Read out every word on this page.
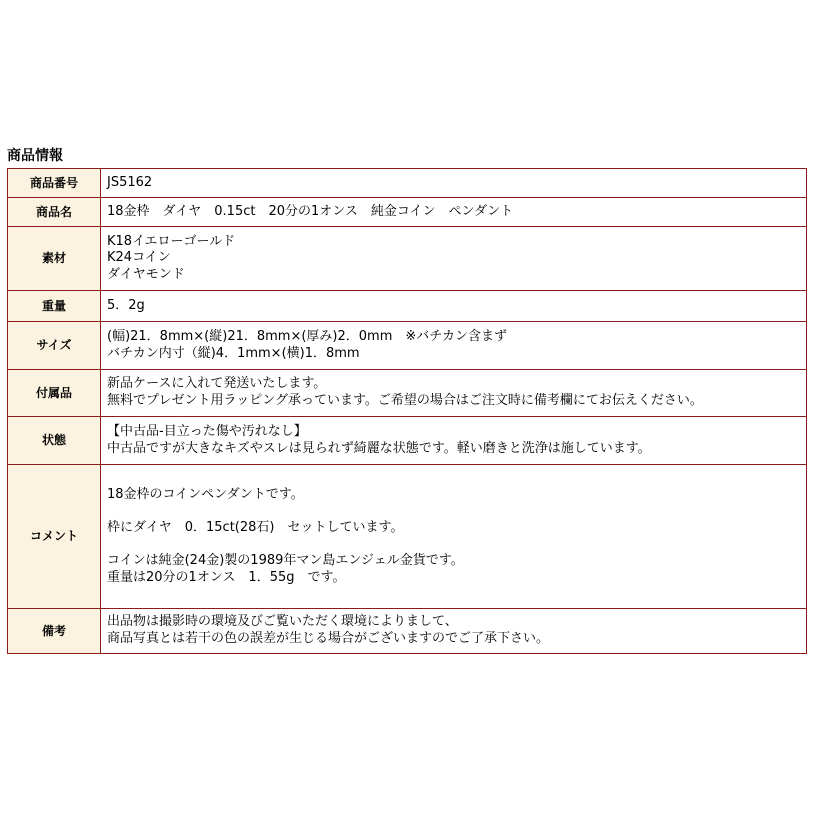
商品情報
商品番号	JS5162
商品名	18金枠　ダイヤ　0.15ct　20分の1オンス　純金コイン　ペンダント
素材	K18イエローゴールド
K24コイン
ダイヤモンド

重量	5．2g
サイズ	(幅)21．8mm×(縦)21．8mm×(厚み)2．0mm　※バチカン含まず
バチカン内寸（縦)4．1mm×(横)1．8mm

付属品	新品ケースに入れて発送いたします。
無料でプレゼント用ラッピング承っています。ご希望の場合はご注文時に備考欄にてお伝えください。

状態	【中古品-目立った傷や汚れなし】
中古品ですが大きなキズやスレは見られず綺麗な状態です。軽い磨きと洗浄は施しています。

コメント	18金枠のコインペンダントです。
枠にダイヤ　0．15ct(28石)　セットしています。
コインは純金(24金)製の1989年マン島エンジェル金貨です。
重量は20分の1オンス　1．55g　です。

備考	出品物は撮影時の環境及びご覧いただく環境によりまして、
商品写真とは若干の色の誤差が生じる場合がございますのでご了承下さい。
